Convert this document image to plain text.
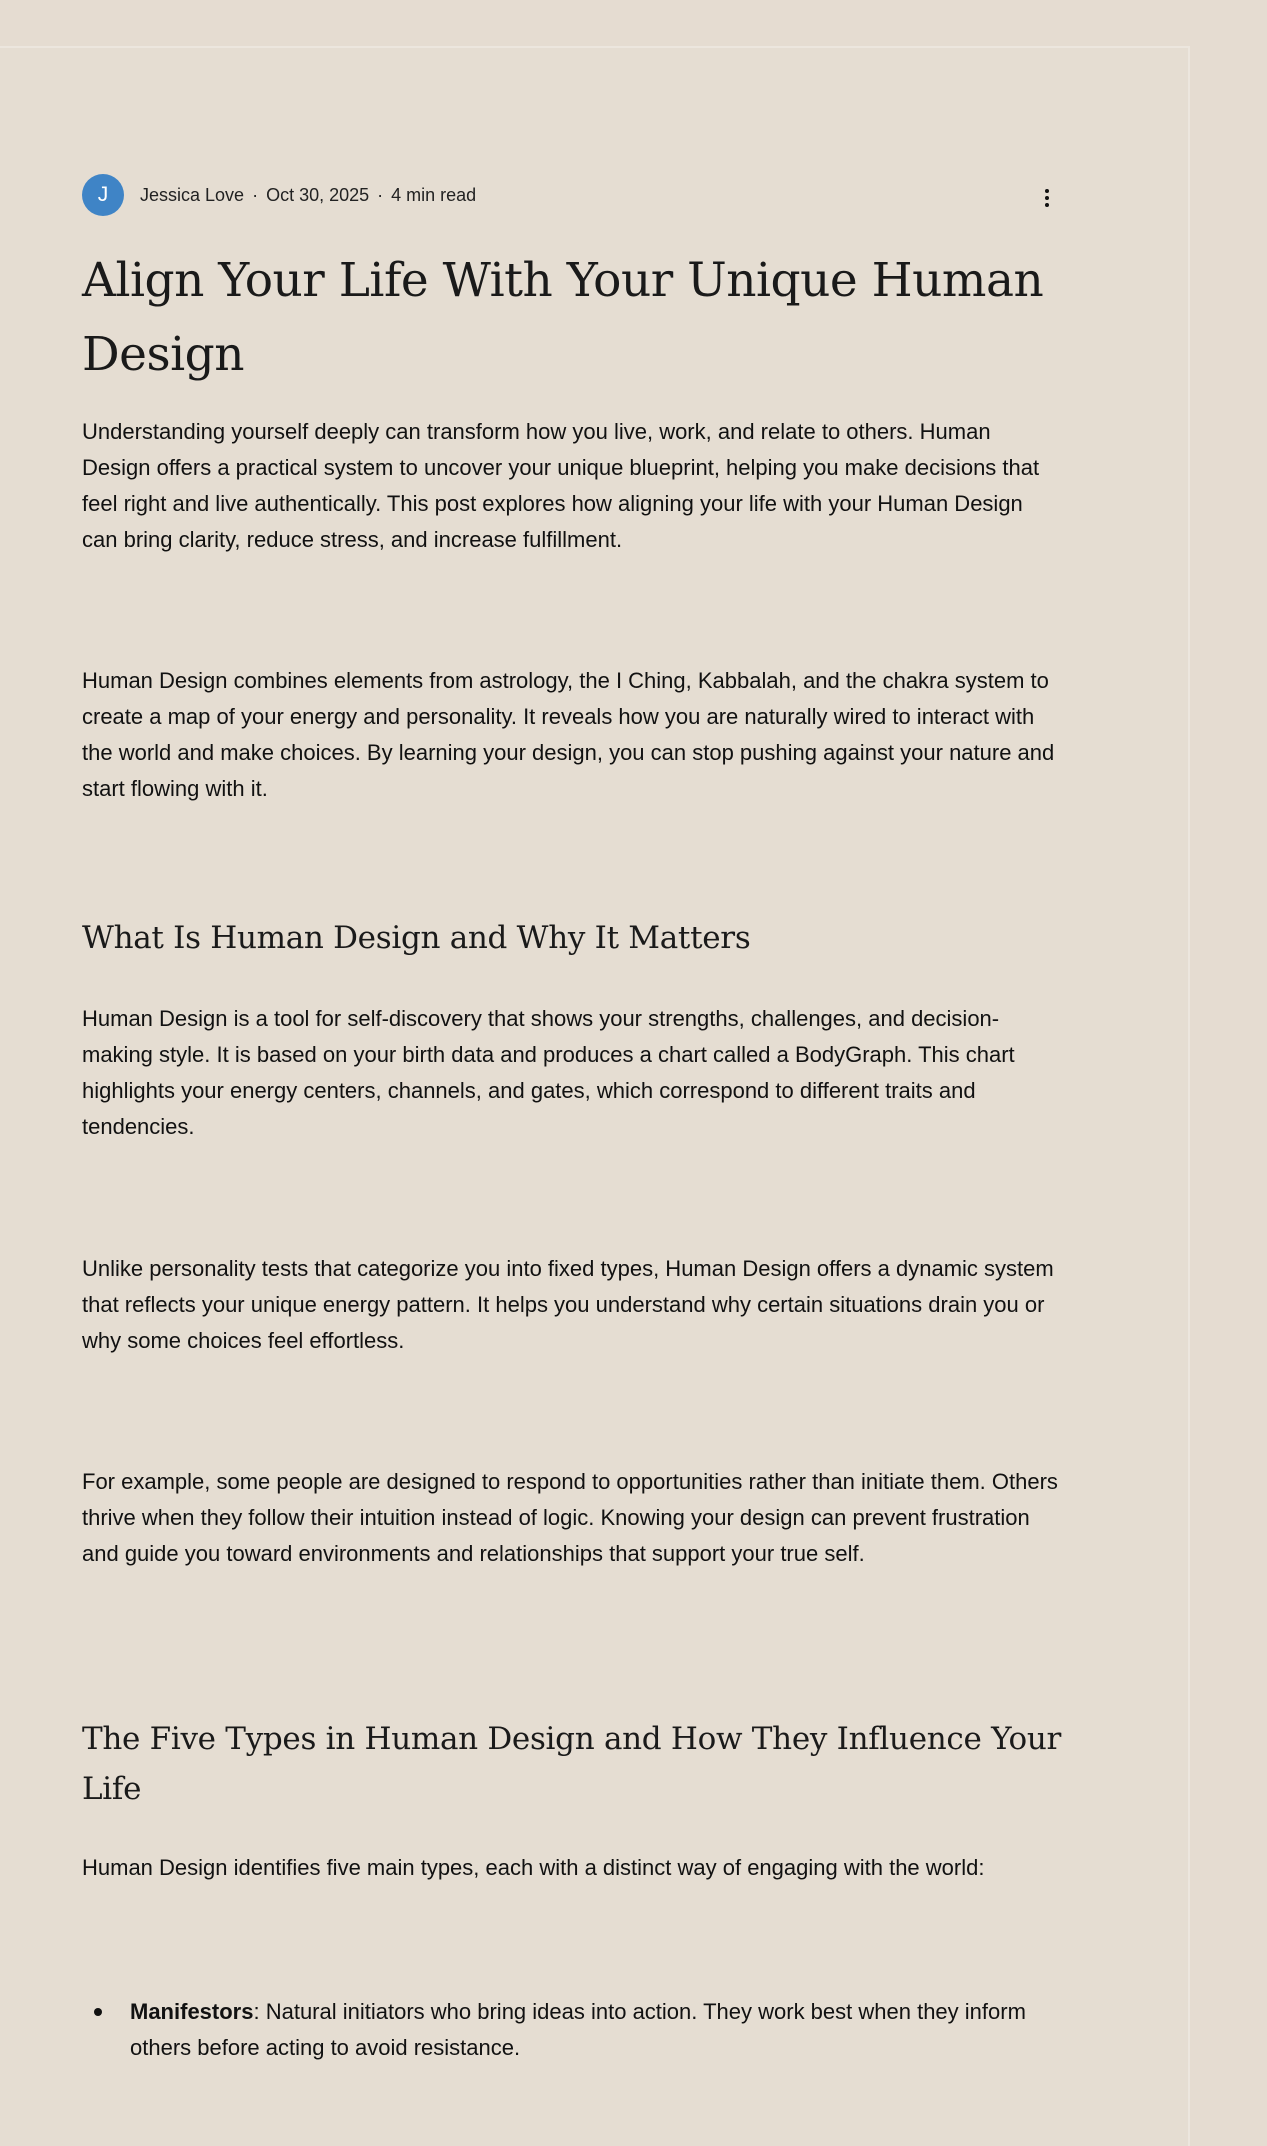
J Jessica Love · Oct 30, 2025 · 4 min read
Align Your Life With Your Unique Human Design

Understanding yourself deeply can transform how you live, work, and relate to others. Human Design offers a practical system to uncover your unique blueprint, helping you make decisions that feel right and live authentically. This post explores how aligning your life with your Human Design can bring clarity, reduce stress, and increase fulfillment.

Human Design combines elements from astrology, the I Ching, Kabbalah, and the chakra system to create a map of your energy and personality. It reveals how you are naturally wired to interact with the world and make choices. By learning your design, you can stop pushing against your nature and start flowing with it.

What Is Human Design and Why It Matters

Human Design is a tool for self-discovery that shows your strengths, challenges, and decision-making style. It is based on your birth data and produces a chart called a BodyGraph. This chart highlights your energy centers, channels, and gates, which correspond to different traits and tendencies.

Unlike personality tests that categorize you into fixed types, Human Design offers a dynamic system that reflects your unique energy pattern. It helps you understand why certain situations drain you or why some choices feel effortless.

For example, some people are designed to respond to opportunities rather than initiate them. Others thrive when they follow their intuition instead of logic. Knowing your design can prevent frustration and guide you toward environments and relationships that support your true self.

The Five Types in Human Design and How They Influence Your Life

Human Design identifies five main types, each with a distinct way of engaging with the world:

Manifestors: Natural initiators who bring ideas into action. They work best when they inform others before acting to avoid resistance.
